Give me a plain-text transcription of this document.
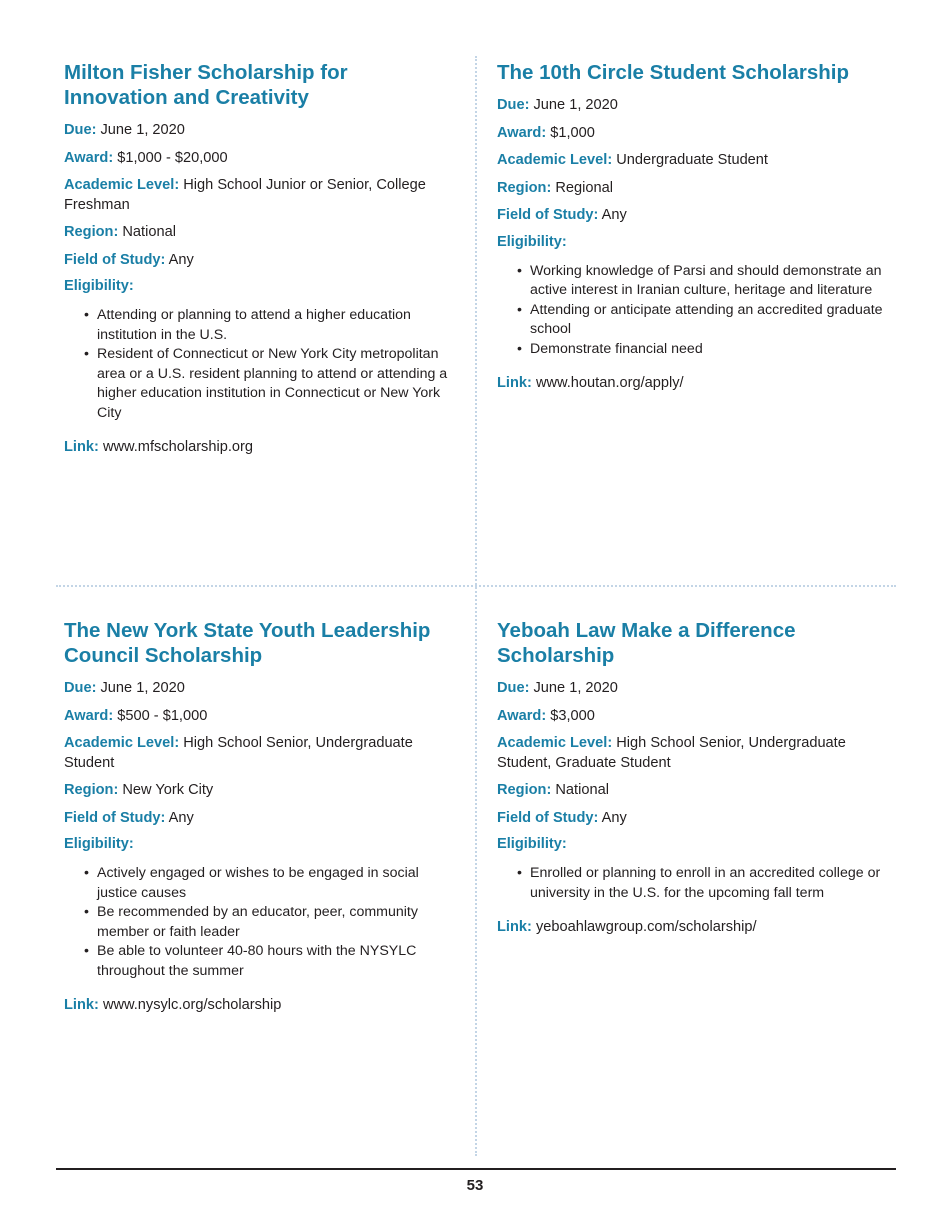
Milton Fisher Scholarship for Innovation and Creativity
Due: June 1, 2020
Award: $1,000 - $20,000
Academic Level: High School Junior or Senior, College Freshman
Region: National
Field of Study: Any
Eligibility:
• Attending or planning to attend a higher education institution in the U.S.
• Resident of Connecticut or New York City metropolitan area or a U.S. resident planning to attend or attending a higher education institution in Connecticut or New York City
Link: www.mfscholarship.org
The 10th Circle Student Scholarship
Due: June 1, 2020
Award: $1,000
Academic Level: Undergraduate Student
Region: Regional
Field of Study: Any
Eligibility:
• Working knowledge of Parsi and should demonstrate an active interest in Iranian culture, heritage and literature
• Attending or anticipate attending an accredited graduate school
• Demonstrate financial need
Link: www.houtan.org/apply/
The New York State Youth Leadership Council Scholarship
Due: June 1, 2020
Award: $500 - $1,000
Academic Level: High School Senior, Undergraduate Student
Region: New York City
Field of Study: Any
Eligibility:
• Actively engaged or wishes to be engaged in social justice causes
• Be recommended by an educator, peer, community member or faith leader
• Be able to volunteer 40-80 hours with the NYSYLC throughout the summer
Link: www.nysylc.org/scholarship
Yeboah Law Make a Difference Scholarship
Due: June 1, 2020
Award: $3,000
Academic Level: High School Senior, Undergraduate Student, Graduate Student
Region: National
Field of Study: Any
Eligibility:
• Enrolled or planning to enroll in an accredited college or university in the U.S. for the upcoming fall term
Link: yeboahlawgroup.com/scholarship/
53
